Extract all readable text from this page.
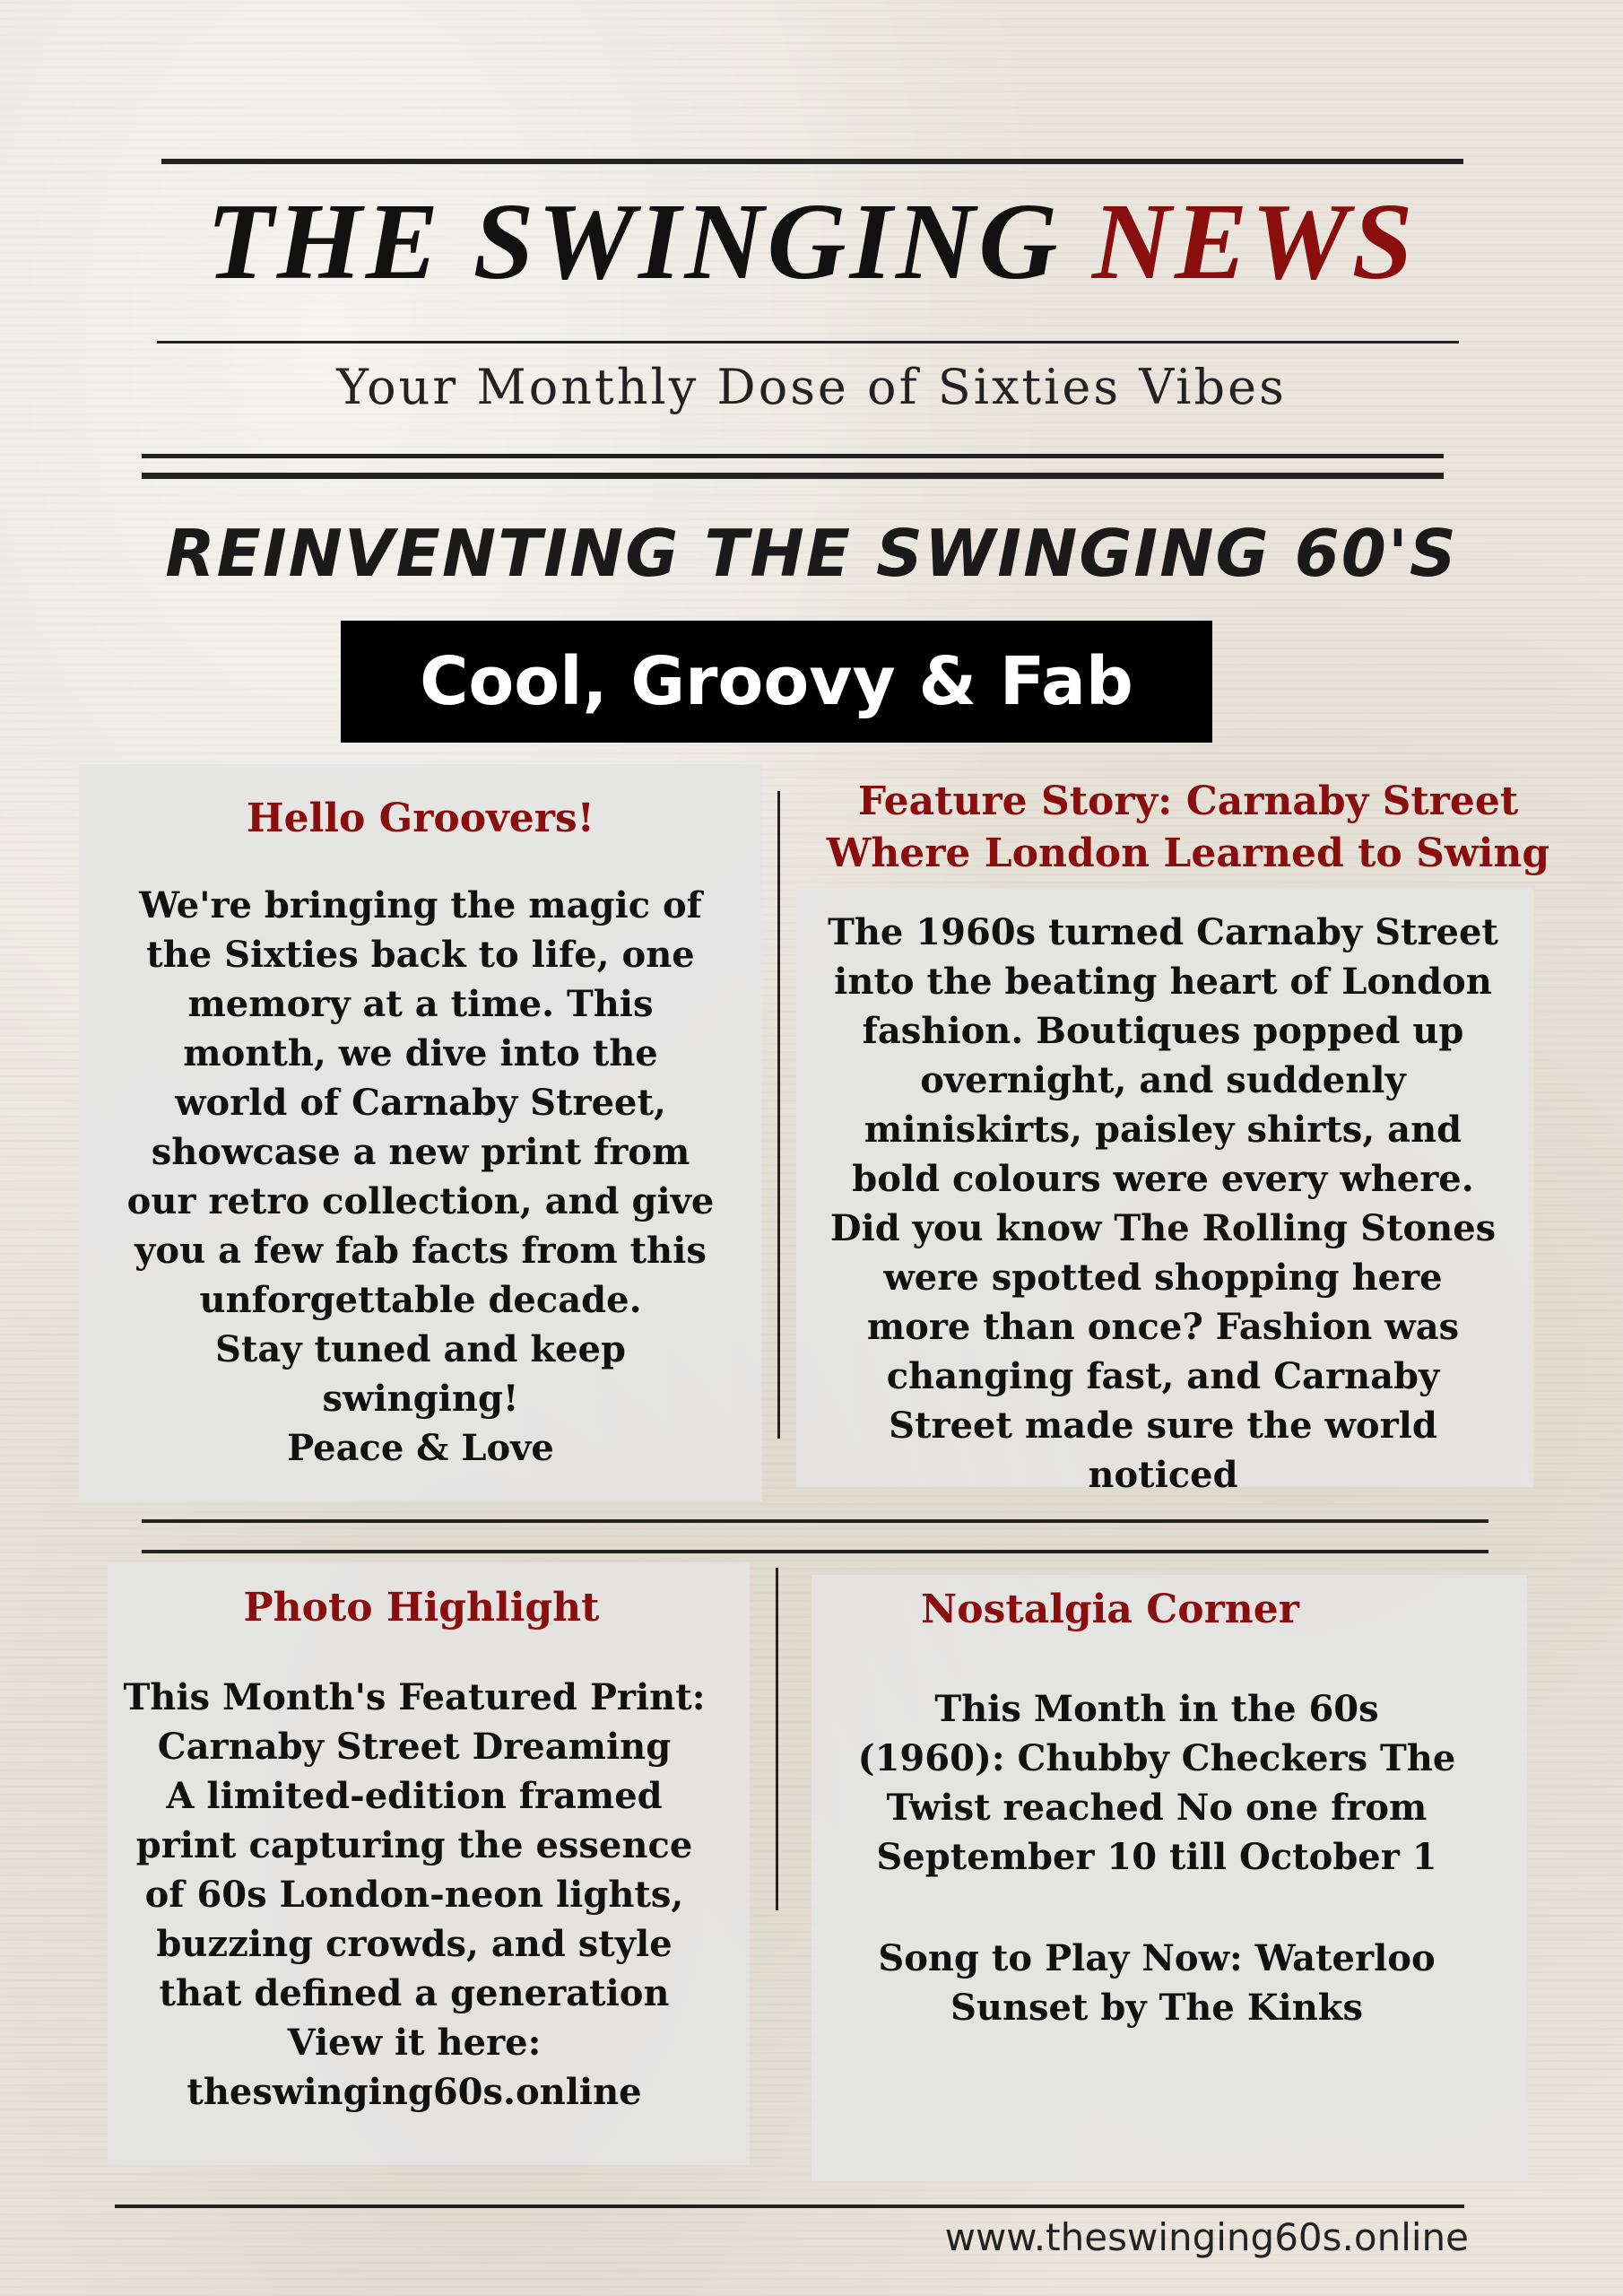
THE SWINGING NEWS
Your Monthly Dose of Sixties Vibes
REINVENTING THE SWINGING 60'S
Cool, Groovy & Fab
Hello Groovers!
We're bringing the magic of
the Sixties back to life, one
memory at a time. This
month, we dive into the
world of Carnaby Street,
showcase a new print from
our retro collection, and give
you a few fab facts from this
unforgettable decade.
Stay tuned and keep
swinging!
Peace & Love
Feature Story: Carnaby Street
Where London Learned to Swing
The 1960s turned Carnaby Street
into the beating heart of London
fashion. Boutiques popped up
overnight, and suddenly
miniskirts, paisley shirts, and
bold colours were every where.
Did you know The Rolling Stones
were spotted shopping here
more than once? Fashion was
changing fast, and Carnaby
Street made sure the world
noticed
Photo Highlight
This Month's Featured Print:
Carnaby Street Dreaming
A limited-edition framed
print capturing the essence
of 60s London-neon lights,
buzzing crowds, and style
that defined a generation
View it here:
theswinging60s.online
Nostalgia Corner
This Month in the 60s
(1960): Chubby Checkers The
Twist reached No one from
September 10 till October 1
Song to Play Now: Waterloo
Sunset by The Kinks
www.theswinging60s.online
